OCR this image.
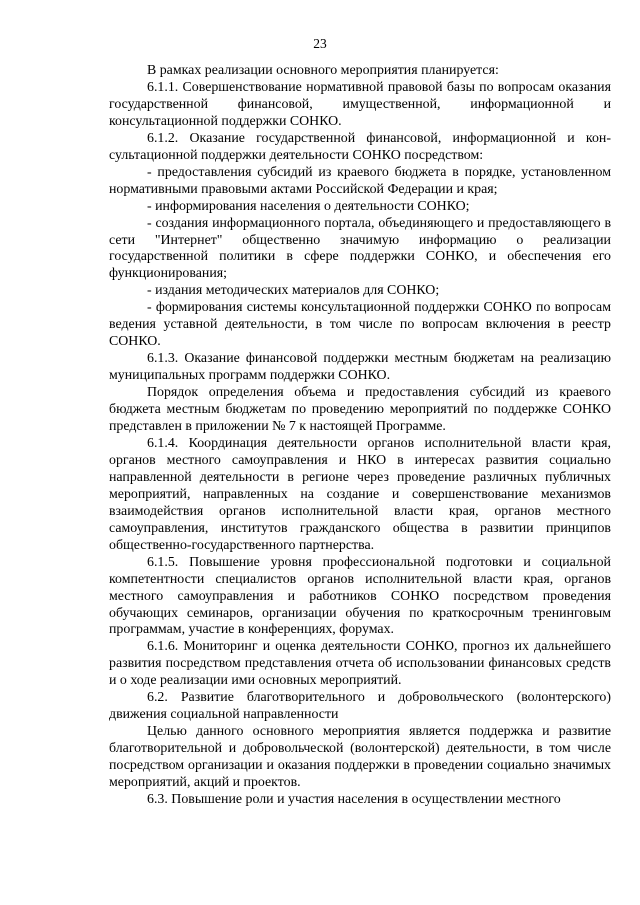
23

В рамках реализации основного мероприятия планируется:

6.1.1. Совершенствование нормативной правовой базы по вопросам оказания государственной финансовой, имущественной, информационной и консультационной поддержки СОНКО.

6.1.2. Оказание государственной финансовой, информационной и консультационной поддержки деятельности СОНКО посредством:

- предоставления субсидий из краевого бюджета в порядке, установленном нормативными правовыми актами Российской Федерации и края;

- информирования населения о деятельности СОНКО;

- создания информационного портала, объединяющего и предоставляющего в сети "Интернет" общественно значимую информацию о реализации государственной политики в сфере поддержки СОНКО, и обеспечения его функционирования;

- издания методических материалов для СОНКО;

- формирования системы консультационной поддержки СОНКО по вопросам ведения уставной деятельности, в том числе по вопросам включения в реестр СОНКО.

6.1.3. Оказание финансовой поддержки местным бюджетам на реализацию муниципальных программ поддержки СОНКО.

Порядок определения объема и предоставления субсидий из краевого бюджета местным бюджетам по проведению мероприятий по поддержке СОНКО представлен в приложении № 7 к настоящей Программе.

6.1.4. Координация деятельности органов исполнительной власти края, органов местного самоуправления и НКО в интересах развития социально направленной деятельности в регионе через проведение различных публичных мероприятий, направленных на создание и совершенствование механизмов взаимодействия органов исполнительной власти края, органов местного самоуправления, институтов гражданского общества в развитии принципов общественно-государственного партнерства.

6.1.5. Повышение уровня профессиональной подготовки и социальной компетентности специалистов органов исполнительной власти края, органов местного самоуправления и работников СОНКО посредством проведения обучающих семинаров, организации обучения по краткосрочным тренинговым программам, участие в конференциях, форумах.

6.1.6. Мониторинг и оценка деятельности СОНКО, прогноз их дальнейшего развития посредством представления отчета об использовании финансовых средств и о ходе реализации ими основных мероприятий.

6.2. Развитие благотворительного и добровольческого (волонтерского) движения социальной направленности

Целью данного основного мероприятия является поддержка и развитие благотворительной и добровольческой (волонтерской) деятельности, в том числе посредством организации и оказания поддержки в проведении социально значимых мероприятий, акций и проектов.

6.3. Повышение роли и участия населения в осуществлении местного
